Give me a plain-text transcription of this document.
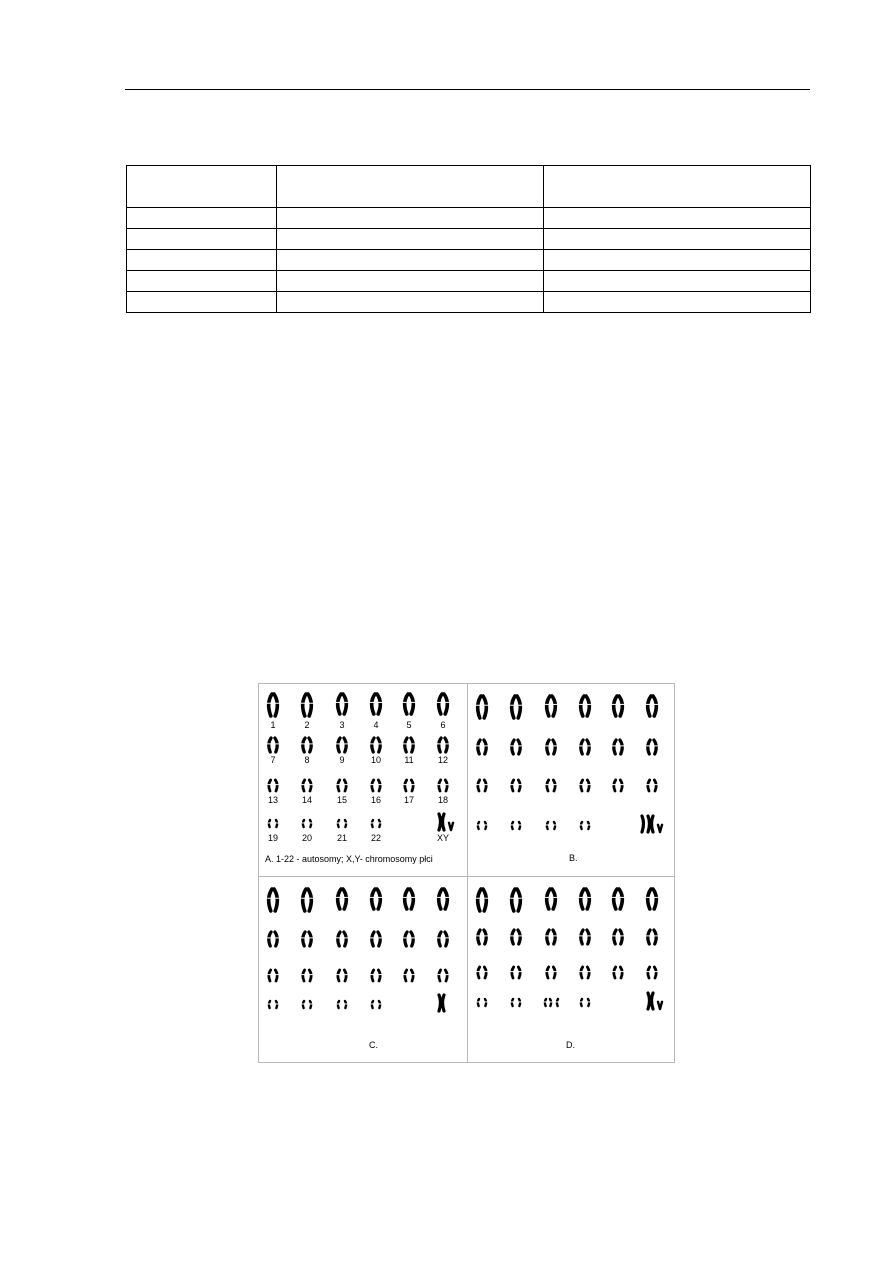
A. 1-22 - autosomy; X,Y- chromosomy płci
1	2	3	4	5	6
7	8	9	10	11	12
13	14	15	16	17	18
19	20	21	22	XY
B.
C.	D.
